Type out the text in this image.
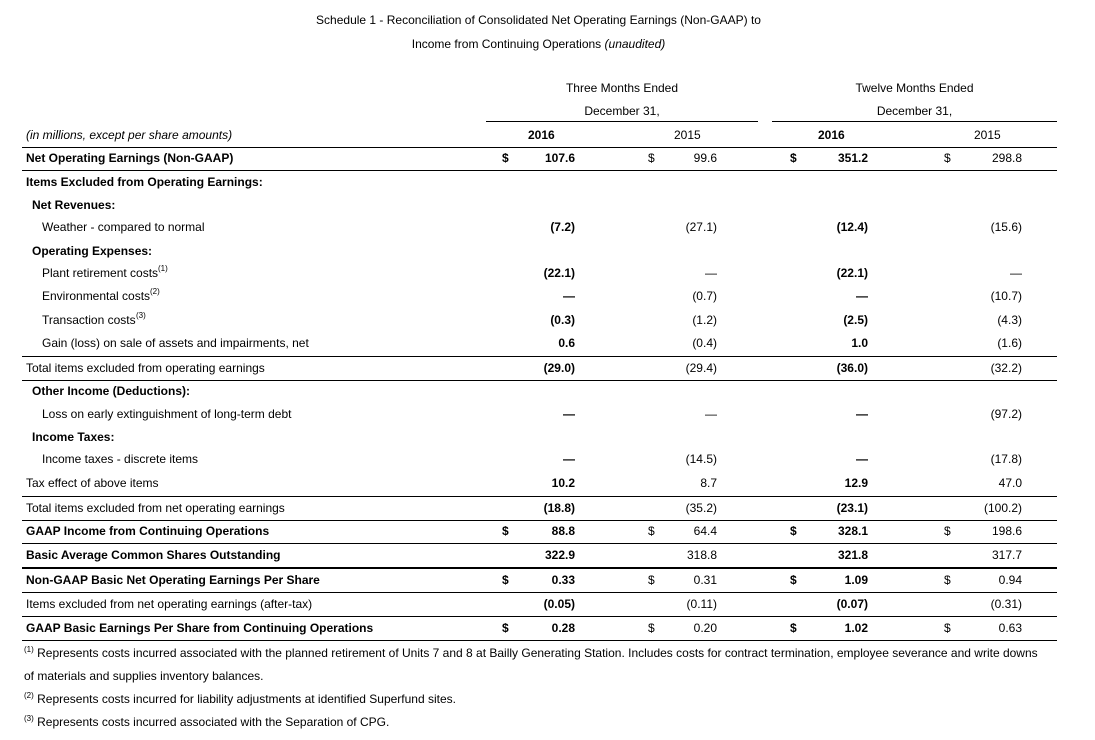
Schedule 1 - Reconciliation of Consolidated Net Operating Earnings (Non-GAAP) to
Income from Continuing Operations (unaudited)
Three Months Ended
December 31,
Twelve Months Ended
December 31,
(in millions, except per share amounts)	2016	2015	2016	2015
Net Operating Earnings (Non-GAAP)	$	107.6	$	99.6	$	351.2	$	298.8
Items Excluded from Operating Earnings:
Net Revenues:
Weather - compared to normal	(7.2)	(27.1)	(12.4)	(15.6)
Operating Expenses:
Plant retirement costs (1)	(22.1)	—	(22.1)	—
Environmental costs (2)	—	(0.7)	—	(10.7)
Transaction costs (3)	(0.3)	(1.2)	(2.5)	(4.3)
Gain (loss) on sale of assets and impairments, net	0.6	(0.4)	1.0	(1.6)
Total items excluded from operating earnings	(29.0)	(29.4)	(36.0)	(32.2)
Other Income (Deductions):
Loss on early extinguishment of long-term debt	—	—	—	(97.2)
Income Taxes:
Income taxes - discrete items	—	(14.5)	—	(17.8)
Tax effect of above items	10.2	8.7	12.9	47.0
Total items excluded from net operating earnings	(18.8)	(35.2)	(23.1)	(100.2)
GAAP Income from Continuing Operations	$	88.8	$	64.4	$	328.1	$	198.6
Basic Average Common Shares Outstanding	322.9	318.8	321.8	317.7
Non-GAAP Basic Net Operating Earnings Per Share	$	0.33	$	0.31	$	1.09	$	0.94
Items excluded from net operating earnings (after-tax)	(0.05)	(0.11)	(0.07)	(0.31)
GAAP Basic Earnings Per Share from Continuing Operations	$	0.28	$	0.20	$	1.02	$	0.63
$^{(1)}$ Represents costs incurred associated with the planned retirement of Units 7 and 8 at Bailly Generating Station. Includes costs for contract termination, employee severance and write downs
of materials and supplies inventory balances.
$^{(2)}$ Represents costs incurred for liability adjustments at identified Superfund sites.
$^{(3)}$ Represents costs incurred associated with the Separation of CPG.
